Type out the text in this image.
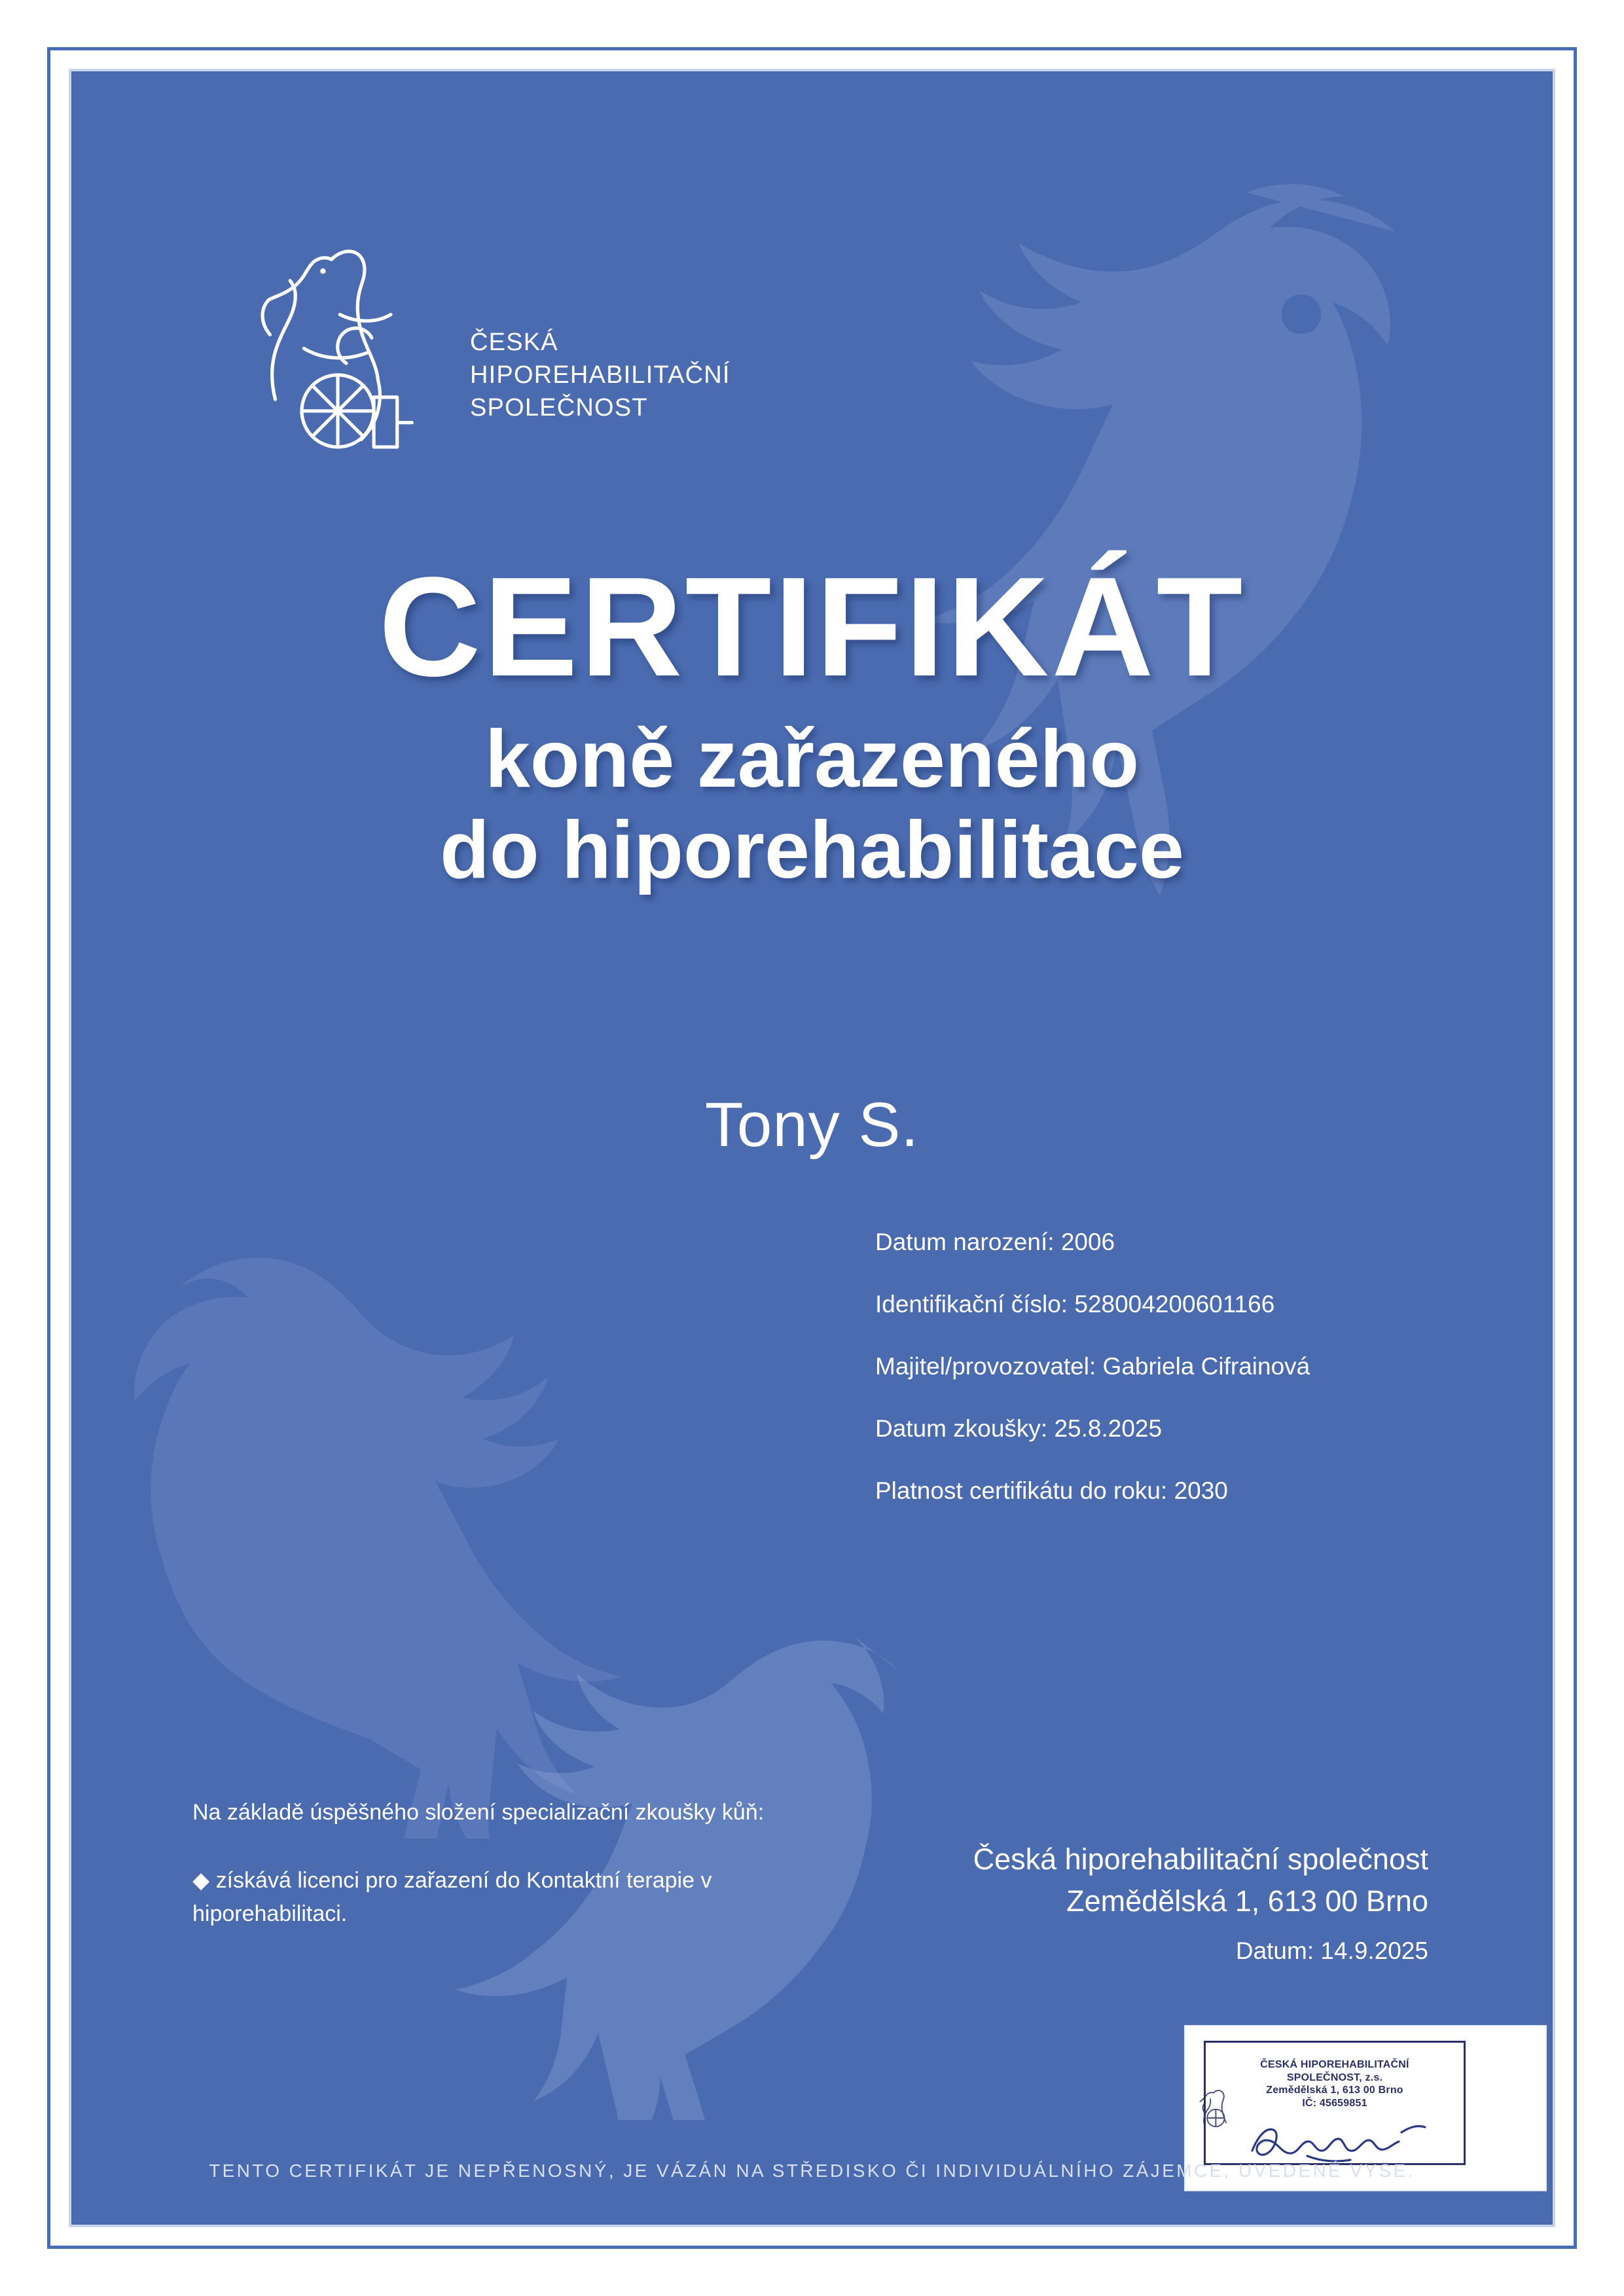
ČESKÁ
HIPOREHABILITAČNÍ
SPOLEČNOST
CERTIFIKÁT
koně zařazeného
do hiporehabilitace
Tony S.
Datum narození: 2006
Identifikační číslo: 528004200601166
Majitel/provozovatel: Gabriela Cifrainová
Datum zkoušky: 25.8.2025
Platnost certifikátu do roku: 2030
Na základě úspěšného složení specializační zkoušky kůň:
◆ získává licenci pro zařazení do Kontaktní terapie v hiporehabilitaci.
Česká hiporehabilitační společnost
Zemědělská 1, 613 00 Brno
Datum: 14.9.2025
ČESKÁ HIPOREHABILITAČNÍ
SPOLEČNOST, z.s.
Zemědělská 1, 613 00 Brno
IČ: 45659851
TENTO CERTIFIKÁT JE NEPŘENOSNÝ, JE VÁZÁN NA STŘEDISKO ČI INDIVIDUÁLNÍHO ZÁJEMCE, UVEDENÉ VÝŠE.
